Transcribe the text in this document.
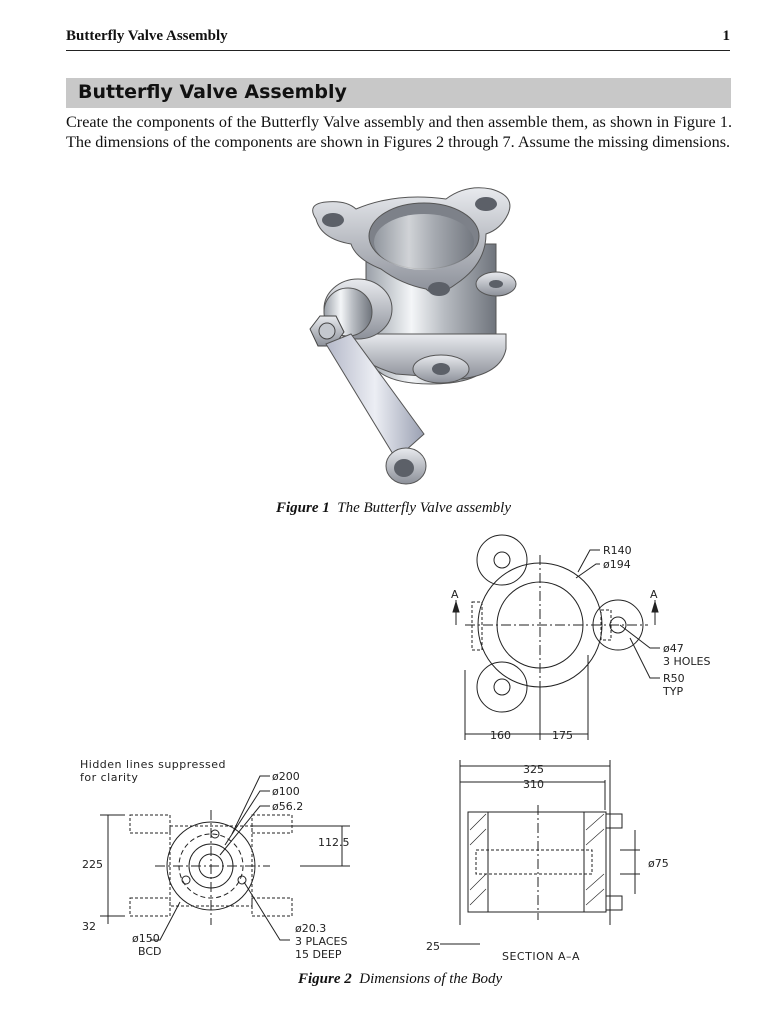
Butterfly Valve Assembly	1
Butterfly Valve Assembly

Create the components of the Butterfly Valve assembly and then assemble them, as shown in Figure 1. The dimensions of the components are shown in Figures 2 through 7. Assume the missing dimensions.

Figure 1 The Butterfly Valve assembly
R140
ø194
ø47
3 HOLES
R50
TYP
160	175
A	A
Hidden lines suppressed
for clarity	ø200
ø100
ø56.2
112.5
225
32
ø150
BCD
ø20.3
3 PLACES
15 DEEP
325
310
ø75
25
SECTION A–A
Figure 2 Dimensions of the Body
